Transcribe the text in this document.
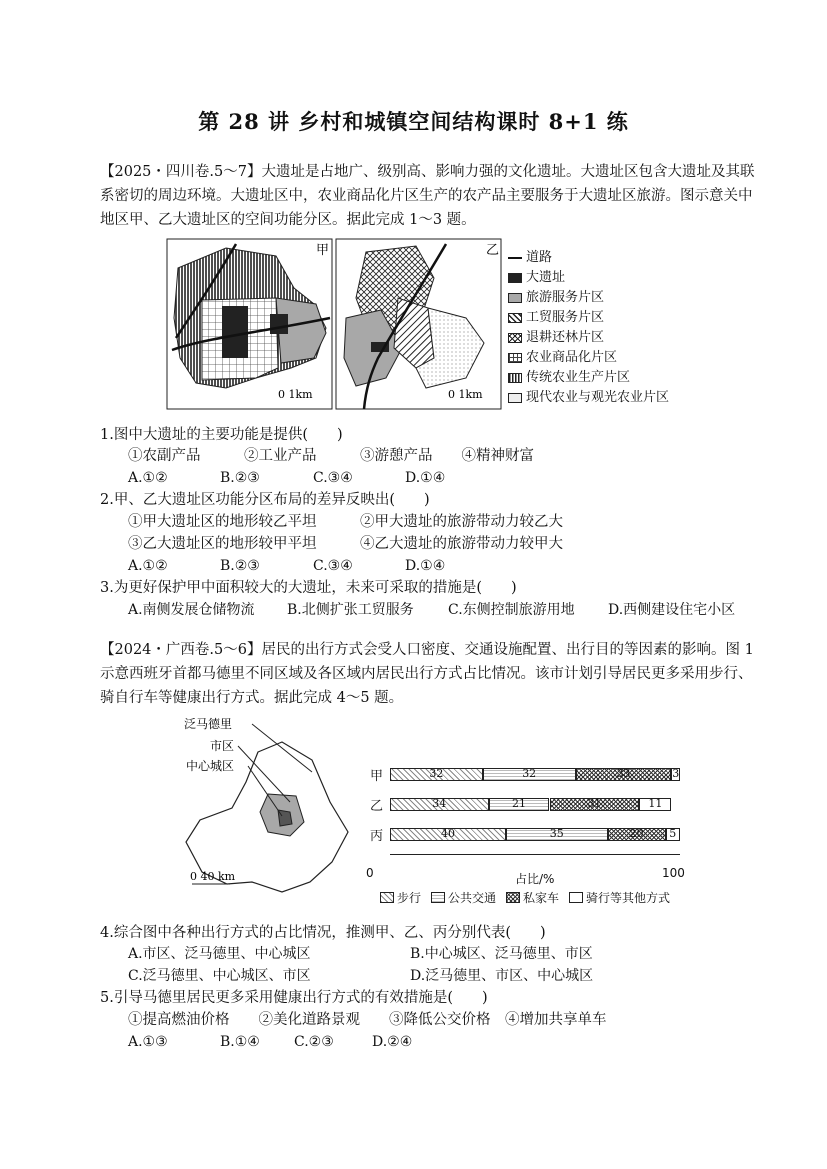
第 28 讲 乡村和城镇空间结构课时 8+1 练
【2025・四川卷.5～7】大遗址是占地广、级别高、影响力强的文化遗址。大遗址区包含大遗址及其联
系密切的周边环境。大遗址区中，农业商品化片区生产的农产品主要服务于大遗址区旅游。图示意关中
地区甲、乙大遗址区的空间功能分区。据此完成 1～3 题。
甲
0 1km
乙
0 1km
道路
大遗址
旅游服务片区
工贸服务片区
退耕还林片区
农业商品化片区
传统农业生产片区
现代农业与观光农业片区
1.图中大遗址的主要功能是提供(　　)
①农副产品　　　②工业产品　　　③游憩产品　　④精神财富
A.①②	B.②③	C.③④	D.①④
2.甲、乙大遗址区功能分区布局的差异反映出(　　)
①甲大遗址区的地形较乙平坦	②甲大遗址的旅游带动力较乙大
③乙大遗址区的地形较甲平坦	④乙大遗址的旅游带动力较甲大
A.①②	B.②③	C.③④	D.①④
3.为更好保护甲中面积较大的大遗址，未来可采取的措施是(　　)
A.南侧发展仓储物流 B.北侧扩张工贸服务 C.东侧控制旅游用地 D.西侧建设住宅小区
【2024・广西卷.5～6】居民的出行方式会受人口密度、交通设施配置、出行目的等因素的影响。图 1
示意西班牙首都马德里不同区域及各区域内居民出行方式占比情况。该市计划引导居民更多采用步行、
骑自行车等健康出行方式。据此完成 4～5 题。
泛马德里
市区
中心城区
0 40 km
甲	32	32	33	3
乙	34	21	31	11
丙	40	35	20	5
0	100
占比/%
步行 公共交通 私家车 骑行等其他方式
4.综合图中各种出行方式的占比情况，推测甲、乙、丙分别代表(　　)
A.市区、泛马德里、中心城区	B.中心城区、泛马德里、市区
C.泛马德里、中心城区、市区	D.泛马德里、市区、中心城区
5.引导马德里居民更多采用健康出行方式的有效措施是(　　)
①提高燃油价格　　②美化道路景观　　③降低公交价格　④增加共享单车
A.①③	B.①④ C.②③	D.②④
